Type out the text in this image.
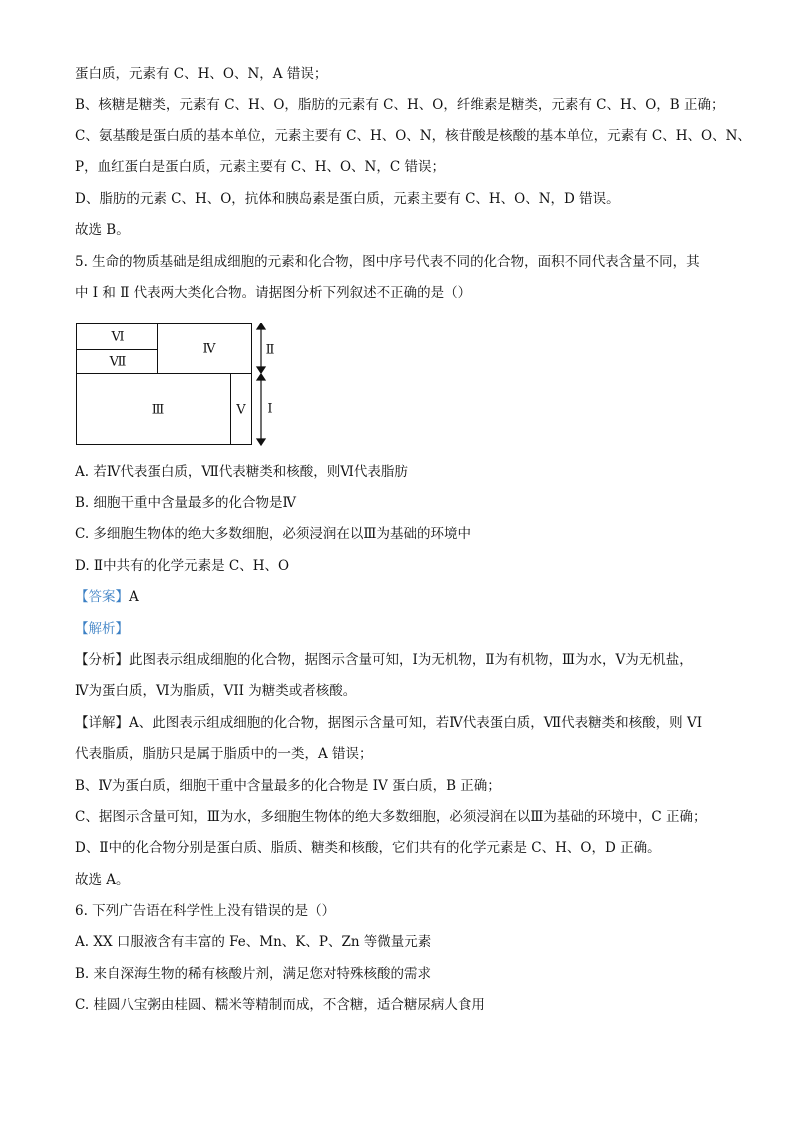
蛋白质，元素有 C、H、O、N，A 错误；
B、核糖是糖类，元素有 C、H、O，脂肪的元素有 C、H、O，纤维素是糖类，元素有 C、H、O，B 正确；
C、氨基酸是蛋白质的基本单位，元素主要有 C、H、O、N，核苷酸是核酸的基本单位，元素有 C、H、O、N、
P，血红蛋白是蛋白质，元素主要有 C、H、O、N，C 错误；
D、脂肪的元素 C、H、O，抗体和胰岛素是蛋白质，元素主要有 C、H、O、N，D 错误。
故选 B。
5. 生命的物质基础是组成细胞的元素和化合物，图中序号代表不同的化合物，面积不同代表含量不同，其
中 Ⅰ 和 Ⅱ 代表两大类化合物。请据图分析下列叙述不正确的是（）
Ⅵ
Ⅶ
Ⅳ
Ⅲ	Ⅴ
Ⅱ
Ⅰ
A. 若Ⅳ代表蛋白质，Ⅶ代表糖类和核酸，则Ⅵ代表脂肪
B. 细胞干重中含量最多的化合物是Ⅳ
C. 多细胞生物体的绝大多数细胞，必须浸润在以Ⅲ为基础的环境中
D. Ⅱ中共有的化学元素是 C、H、O
【答案】A
【解析】
【分析】此图表示组成细胞的化合物，据图示含量可知，Ⅰ为无机物，Ⅱ为有机物，Ⅲ为水，Ⅴ为无机盐，
Ⅳ为蛋白质，Ⅵ为脂质，VII 为糖类或者核酸。
【详解】A、此图表示组成细胞的化合物，据图示含量可知，若Ⅳ代表蛋白质，Ⅶ代表糖类和核酸，则 VI
代表脂质，脂肪只是属于脂质中的一类，A 错误；
B、Ⅳ为蛋白质，细胞干重中含量最多的化合物是 IV 蛋白质，B 正确；
C、据图示含量可知，Ⅲ为水，多细胞生物体的绝大多数细胞，必须浸润在以Ⅲ为基础的环境中，C 正确；
D、Ⅱ中的化合物分别是蛋白质、脂质、糖类和核酸，它们共有的化学元素是 C、H、O，D 正确。
故选 A。
6. 下列广告语在科学性上没有错误的是（）
A. XX 口服液含有丰富的 Fe、Mn、K、P、Zn 等微量元素
B. 来自深海生物的稀有核酸片剂，满足您对特殊核酸的需求
C. 桂圆八宝粥由桂圆、糯米等精制而成，不含糖，适合糖尿病人食用
